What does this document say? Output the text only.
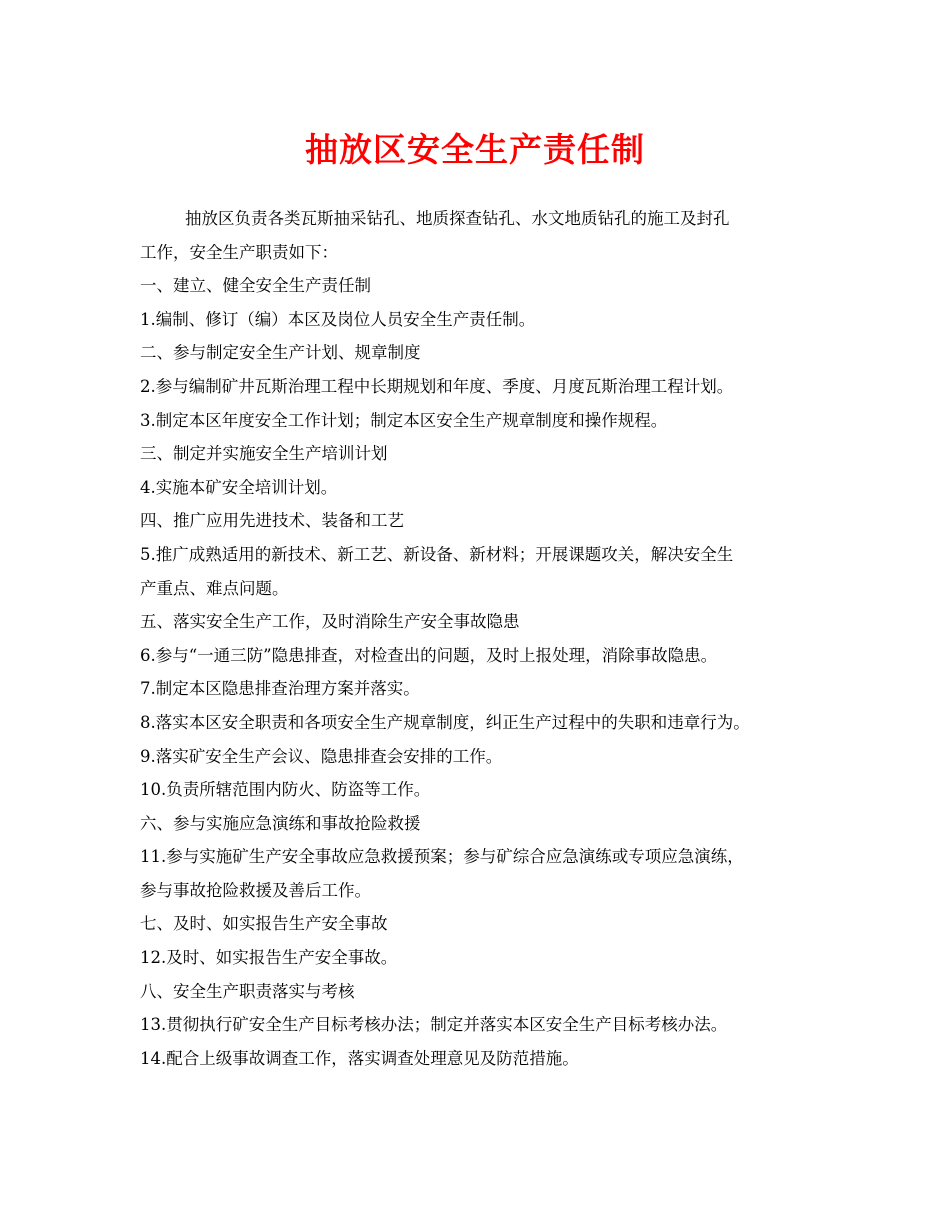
抽放区安全生产责任制
抽放区负责各类瓦斯抽采钻孔、地质探查钻孔、水文地质钻孔的施工及封孔
工作，安全生产职责如下：
一、建立、健全安全生产责任制
1.编制、修订（编）本区及岗位人员安全生产责任制。
二、参与制定安全生产计划、规章制度
2.参与编制矿井瓦斯治理工程中长期规划和年度、季度、月度瓦斯治理工程计划。
3.制定本区年度安全工作计划；制定本区安全生产规章制度和操作规程。
三、制定并实施安全生产培训计划
4.实施本矿安全培训计划。
四、推广应用先进技术、装备和工艺
5.推广成熟适用的新技术、新工艺、新设备、新材料；开展课题攻关，解决安全生
产重点、难点问题。
五、落实安全生产工作，及时消除生产安全事故隐患
6.参与“一通三防”隐患排查，对检查出的问题，及时上报处理，消除事故隐患。
7.制定本区隐患排查治理方案并落实。
8.落实本区安全职责和各项安全生产规章制度，纠正生产过程中的失职和违章行为。
9.落实矿安全生产会议、隐患排查会安排的工作。
10.负责所辖范围内防火、防盗等工作。
六、参与实施应急演练和事故抢险救援
11.参与实施矿生产安全事故应急救援预案；参与矿综合应急演练或专项应急演练，
参与事故抢险救援及善后工作。
七、及时、如实报告生产安全事故
12.及时、如实报告生产安全事故。
八、安全生产职责落实与考核
13.贯彻执行矿安全生产目标考核办法；制定并落实本区安全生产目标考核办法。
14.配合上级事故调查工作，落实调查处理意见及防范措施。
